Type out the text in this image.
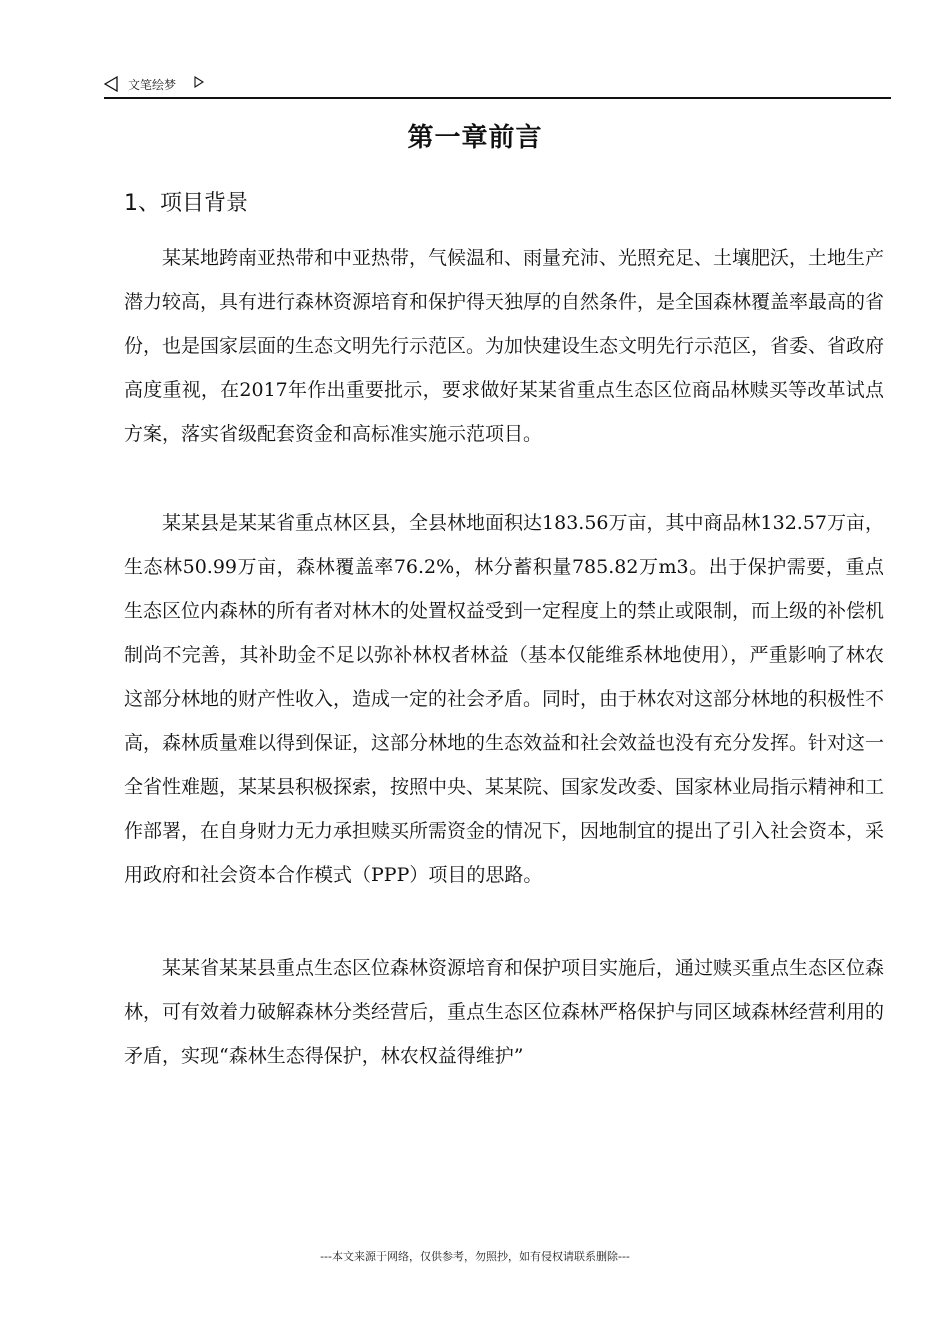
文笔绘梦
第一章前言
1、项目背景

某某地跨南亚热带和中亚热带，气候温和、雨量充沛、光照充足、土壤肥沃，土地生产潜力较高，具有进行森林资源培育和保护得天独厚的自然条件，是全国森林覆盖率最高的省份，也是国家层面的生态文明先行示范区。为加快建设生态文明先行示范区，省委、省政府高度重视，在2017年作出重要批示，要求做好某某省重点生态区位商品林赎买等改革试点方案，落实省级配套资金和高标准实施示范项目。

某某县是某某省重点林区县，全县林地面积达183.56万亩，其中商品林132.57万亩，生态林50.99万亩，森林覆盖率76.2%，林分蓄积量785.82万m3。出于保护需要，重点生态区位内森林的所有者对林木的处置权益受到一定程度上的禁止或限制，而上级的补偿机制尚不完善，其补助金不足以弥补林权者林益（基本仅能维系林地使用），严重影响了林农这部分林地的财产性收入，造成一定的社会矛盾。同时，由于林农对这部分林地的积极性不高，森林质量难以得到保证，这部分林地的生态效益和社会效益也没有充分发挥。针对这一全省性难题，某某县积极探索，按照中央、某某院、国家发改委、国家林业局指示精神和工作部署，在自身财力无力承担赎买所需资金的情况下，因地制宜的提出了引入社会资本，采用政府和社会资本合作模式（PPP）项目的思路。

某某省某某县重点生态区位森林资源培育和保护项目实施后，通过赎买重点生态区位森林，可有效着力破解森林分类经营后，重点生态区位森林严格保护与同区域森林经营利用的矛盾，实现“森林生态得保护，林农权益得维护”

---本文来源于网络，仅供参考，勿照抄，如有侵权请联系删除---
